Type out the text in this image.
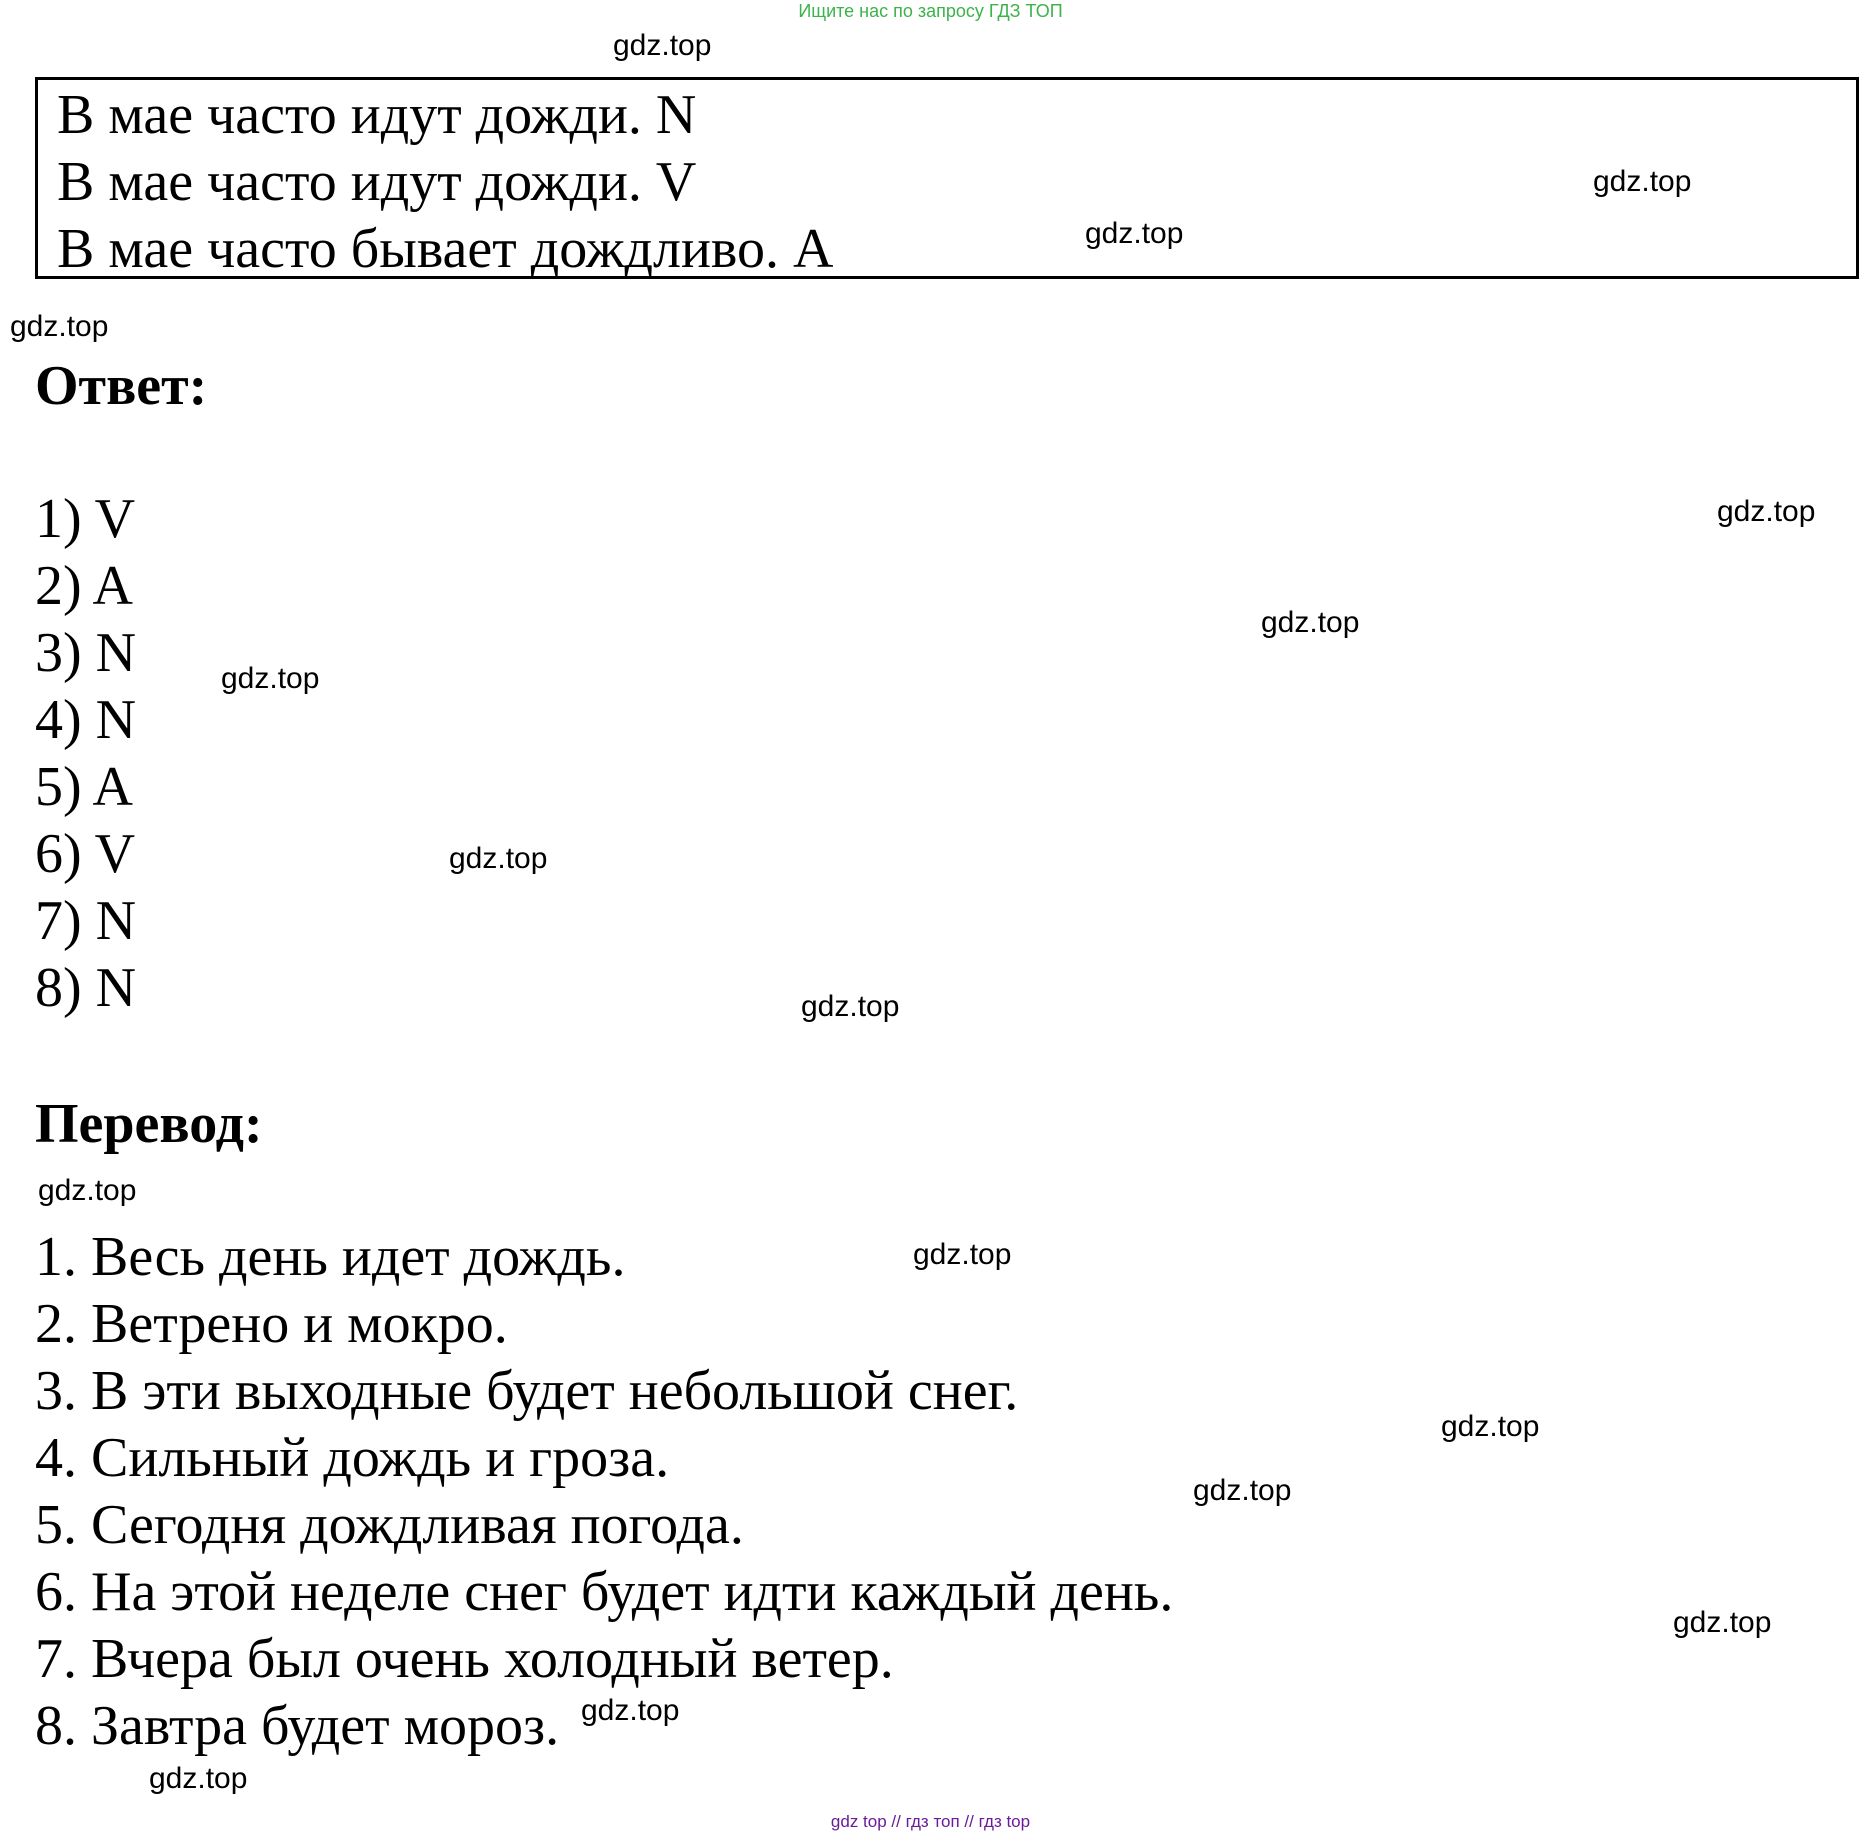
Ищите нас по запросу ГДЗ ТОП
В мае часто идут дожди. N
В мае часто идут дожди. V
В мае часто бывает дождливо. A
Ответ:
1) V
2) A
3) N
4) N
5) A
6) V
7) N
8) N
Перевод:
1. Весь день идет дождь.
2. Ветрено и мокро.
3. В эти выходные будет небольшой снег.
4. Сильный дождь и гроза.
5. Сегодня дождливая погода.
6. На этой неделе снег будет идти каждый день.
7. Вчера был очень холодный ветер.
8. Завтра будет мороз.
gdz.top
gdz.top
gdz.top
gdz.top
gdz.top
gdz.top
gdz.top
gdz.top
gdz.top
gdz.top
gdz.top
gdz.top
gdz.top
gdz.top
gdz.top
gdz.top
gdz top // гдз топ // гдз top
